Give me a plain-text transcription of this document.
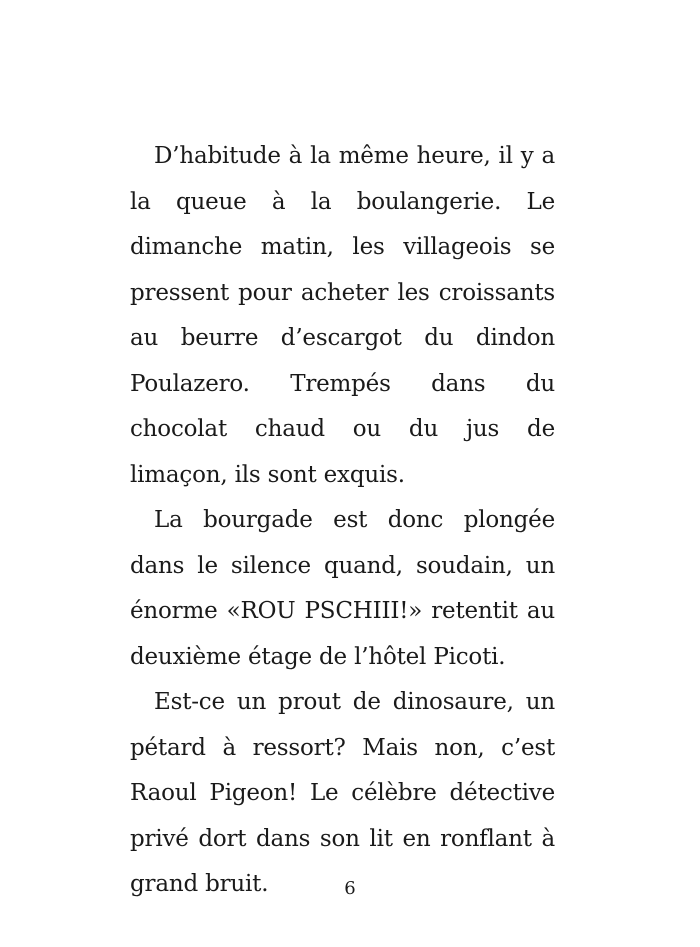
D’habitude à la même heure, il y a la queue à la boulangerie. Le dimanche matin, les villageois se pressent pour acheter les croissants au beurre d’escargot du dindon Poulazero. Trempés dans du chocolat chaud ou du jus de limaçon, ils sont exquis.

La bourgade est donc plongée dans le silence quand, soudain, un énorme «ROU PSCHIII!» retentit au deuxième étage de l’hôtel Picoti.

Est-ce un prout de dinosaure, un pétard à ressort? Mais non, c’est Raoul Pigeon! Le célèbre détective privé dort dans son lit en ronflant à grand bruit.	6
